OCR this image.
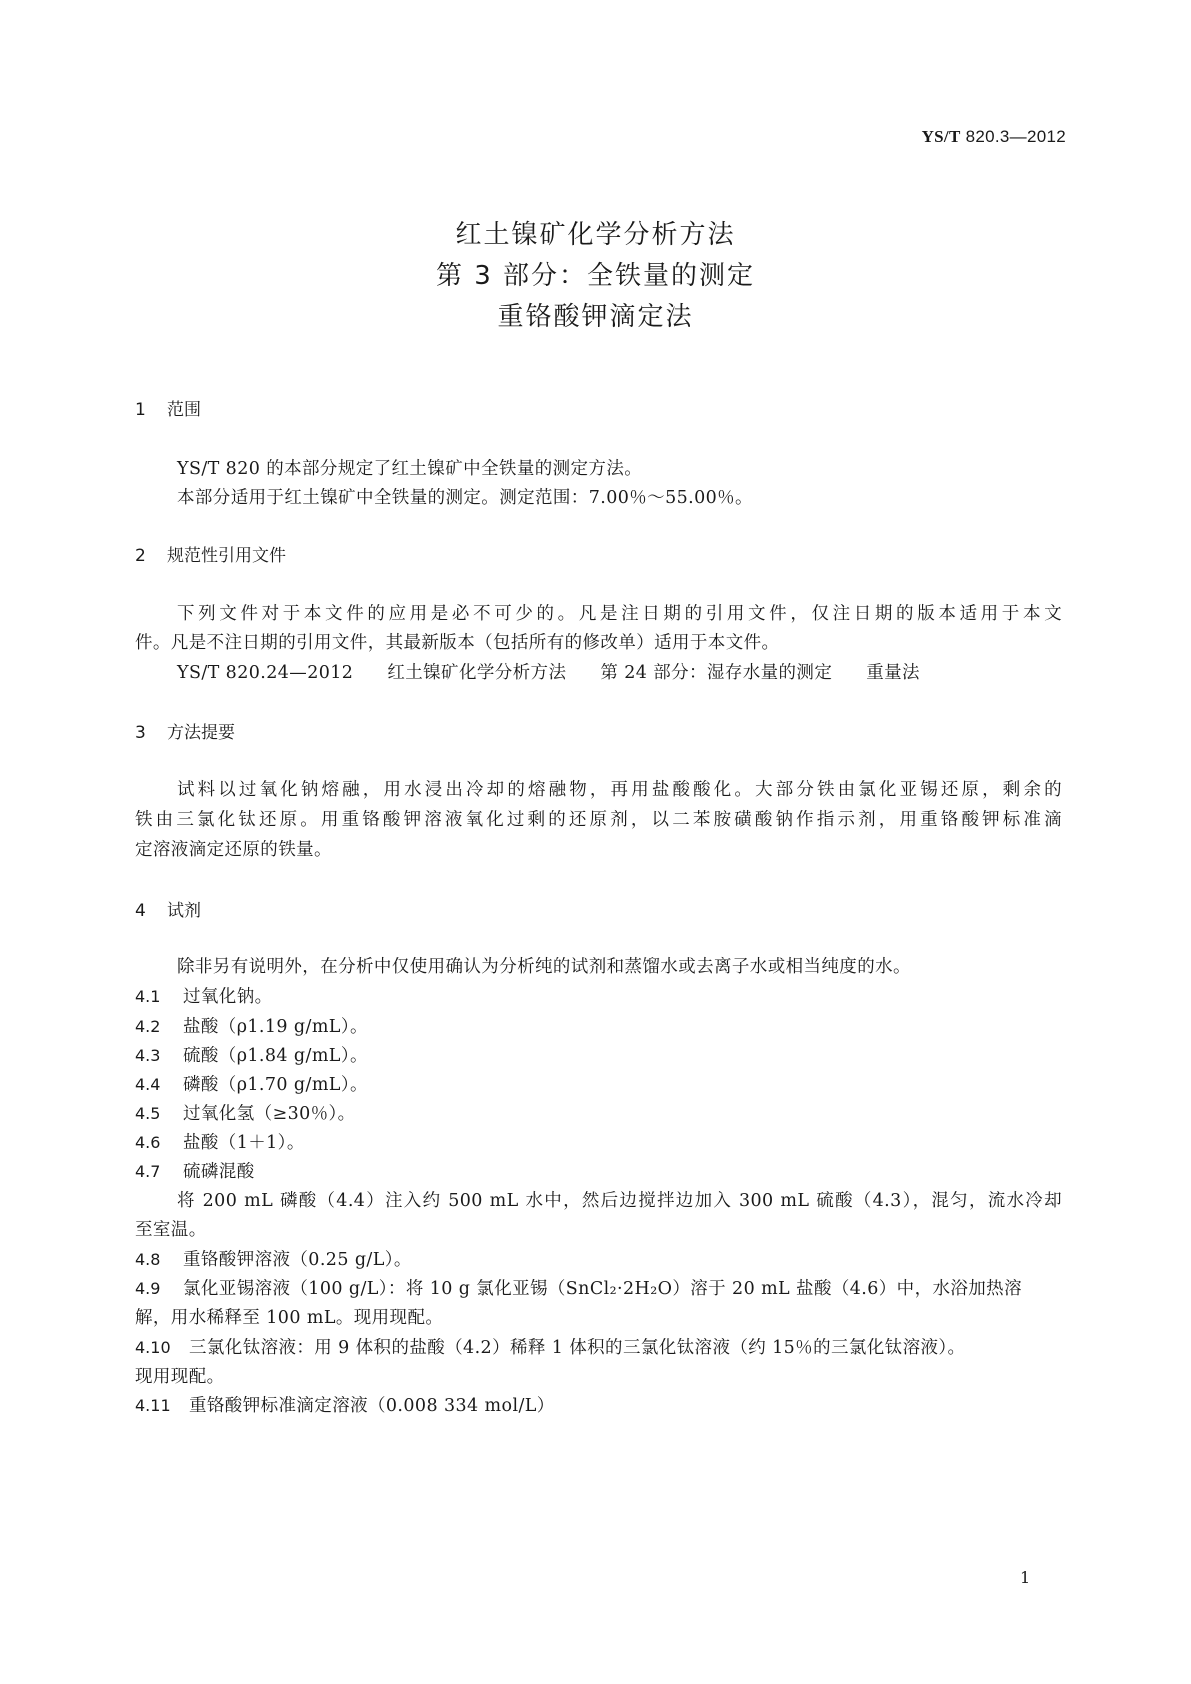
YS/T 820.3—2012
红土镍矿化学分析方法
第 3 部分：全铁量的测定
重铬酸钾滴定法
1 范围
YS/T 820 的本部分规定了红土镍矿中全铁量的测定方法。
本部分适用于红土镍矿中全铁量的测定。测定范围：7.00％～55.00％。
2 规范性引用文件
下列文件对于本文件的应用是必不可少的。凡是注日期的引用文件，仅注日期的版本适用于本文
件。凡是不注日期的引用文件，其最新版本（包括所有的修改单）适用于本文件。
YS/T 820.24—2012 红土镍矿化学分析方法 第 24 部分：湿存水量的测定 重量法
3 方法提要
试料以过氧化钠熔融，用水浸出冷却的熔融物，再用盐酸酸化。大部分铁由氯化亚锡还原，剩余的
铁由三氯化钛还原。用重铬酸钾溶液氧化过剩的还原剂，以二苯胺磺酸钠作指示剂，用重铬酸钾标准滴
定溶液滴定还原的铁量。
4 试剂
除非另有说明外，在分析中仅使用确认为分析纯的试剂和蒸馏水或去离子水或相当纯度的水。
4.1 过氧化钠。
4.2 盐酸（ρ1.19 g/mL）。
4.3 硫酸（ρ1.84 g/mL）。
4.4 磷酸（ρ1.70 g/mL）。
4.5 过氧化氢（≥30％）。
4.6 盐酸（1＋1）。
4.7 硫磷混酸
将 200 mL 磷酸（4.4）注入约 500 mL 水中，然后边搅拌边加入 300 mL 硫酸（4.3），混匀，流水冷却
至室温。
4.8 重铬酸钾溶液（0.25 g/L）。
4.9 氯化亚锡溶液（100 g/L）：将 10 g 氯化亚锡（SnCl₂·2H₂O）溶于 20 mL 盐酸（4.6）中，水浴加热溶
解，用水稀释至 100 mL。现用现配。
4.10 三氯化钛溶液：用 9 体积的盐酸（4.2）稀释 1 体积的三氯化钛溶液（约 15％的三氯化钛溶液）。
现用现配。
4.11 重铬酸钾标准滴定溶液（0.008 334 mol/L）
1
